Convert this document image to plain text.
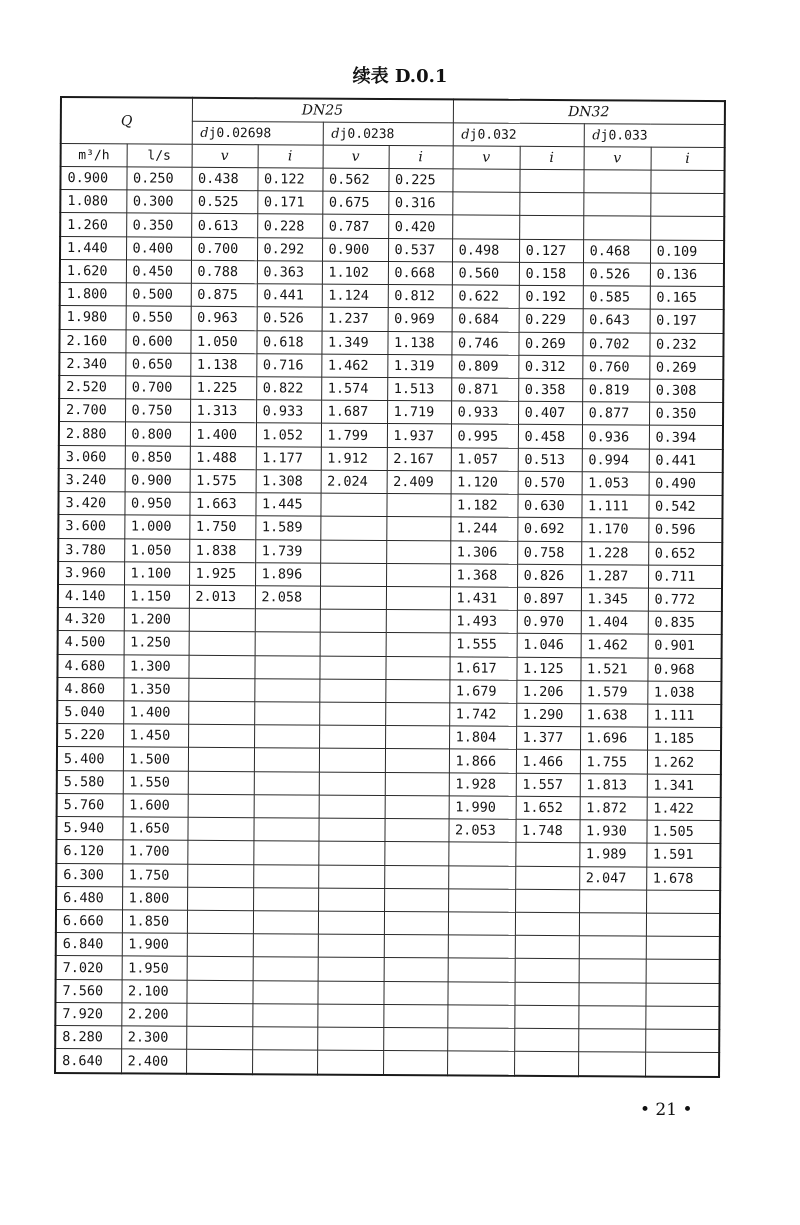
续表 D.0.1
Q		DN25				DN32			
		dj0.02698		dj0.0238		dj0.032		dj0.033	
m³/h	l/s	v	i	v	i	v	i	v	i
0.900	0.250	0.438	0.122	0.562	0.225				
1.080	0.300	0.525	0.171	0.675	0.316				
1.260	0.350	0.613	0.228	0.787	0.420				
1.440	0.400	0.700	0.292	0.900	0.537	0.498	0.127	0.468	0.109
1.620	0.450	0.788	0.363	1.102	0.668	0.560	0.158	0.526	0.136
1.800	0.500	0.875	0.441	1.124	0.812	0.622	0.192	0.585	0.165
1.980	0.550	0.963	0.526	1.237	0.969	0.684	0.229	0.643	0.197
2.160	0.600	1.050	0.618	1.349	1.138	0.746	0.269	0.702	0.232
2.340	0.650	1.138	0.716	1.462	1.319	0.809	0.312	0.760	0.269
2.520	0.700	1.225	0.822	1.574	1.513	0.871	0.358	0.819	0.308
2.700	0.750	1.313	0.933	1.687	1.719	0.933	0.407	0.877	0.350
2.880	0.800	1.400	1.052	1.799	1.937	0.995	0.458	0.936	0.394
3.060	0.850	1.488	1.177	1.912	2.167	1.057	0.513	0.994	0.441
3.240	0.900	1.575	1.308	2.024	2.409	1.120	0.570	1.053	0.490
3.420	0.950	1.663	1.445			1.182	0.630	1.111	0.542
3.600	1.000	1.750	1.589			1.244	0.692	1.170	0.596
3.780	1.050	1.838	1.739			1.306	0.758	1.228	0.652
3.960	1.100	1.925	1.896			1.368	0.826	1.287	0.711
4.140	1.150	2.013	2.058			1.431	0.897	1.345	0.772
4.320	1.200					1.493	0.970	1.404	0.835
4.500	1.250					1.555	1.046	1.462	0.901
4.680	1.300					1.617	1.125	1.521	0.968
4.860	1.350					1.679	1.206	1.579	1.038
5.040	1.400					1.742	1.290	1.638	1.111
5.220	1.450					1.804	1.377	1.696	1.185
5.400	1.500					1.866	1.466	1.755	1.262
5.580	1.550					1.928	1.557	1.813	1.341
5.760	1.600					1.990	1.652	1.872	1.422
5.940	1.650					2.053	1.748	1.930	1.505
6.120	1.700							1.989	1.591
6.300	1.750							2.047	1.678
6.480	1.800								
6.660	1.850								
6.840	1.900								
7.020	1.950								
7.560	2.100								
7.920	2.200								
8.280	2.300								
8.640	2.400								
• 21 •
